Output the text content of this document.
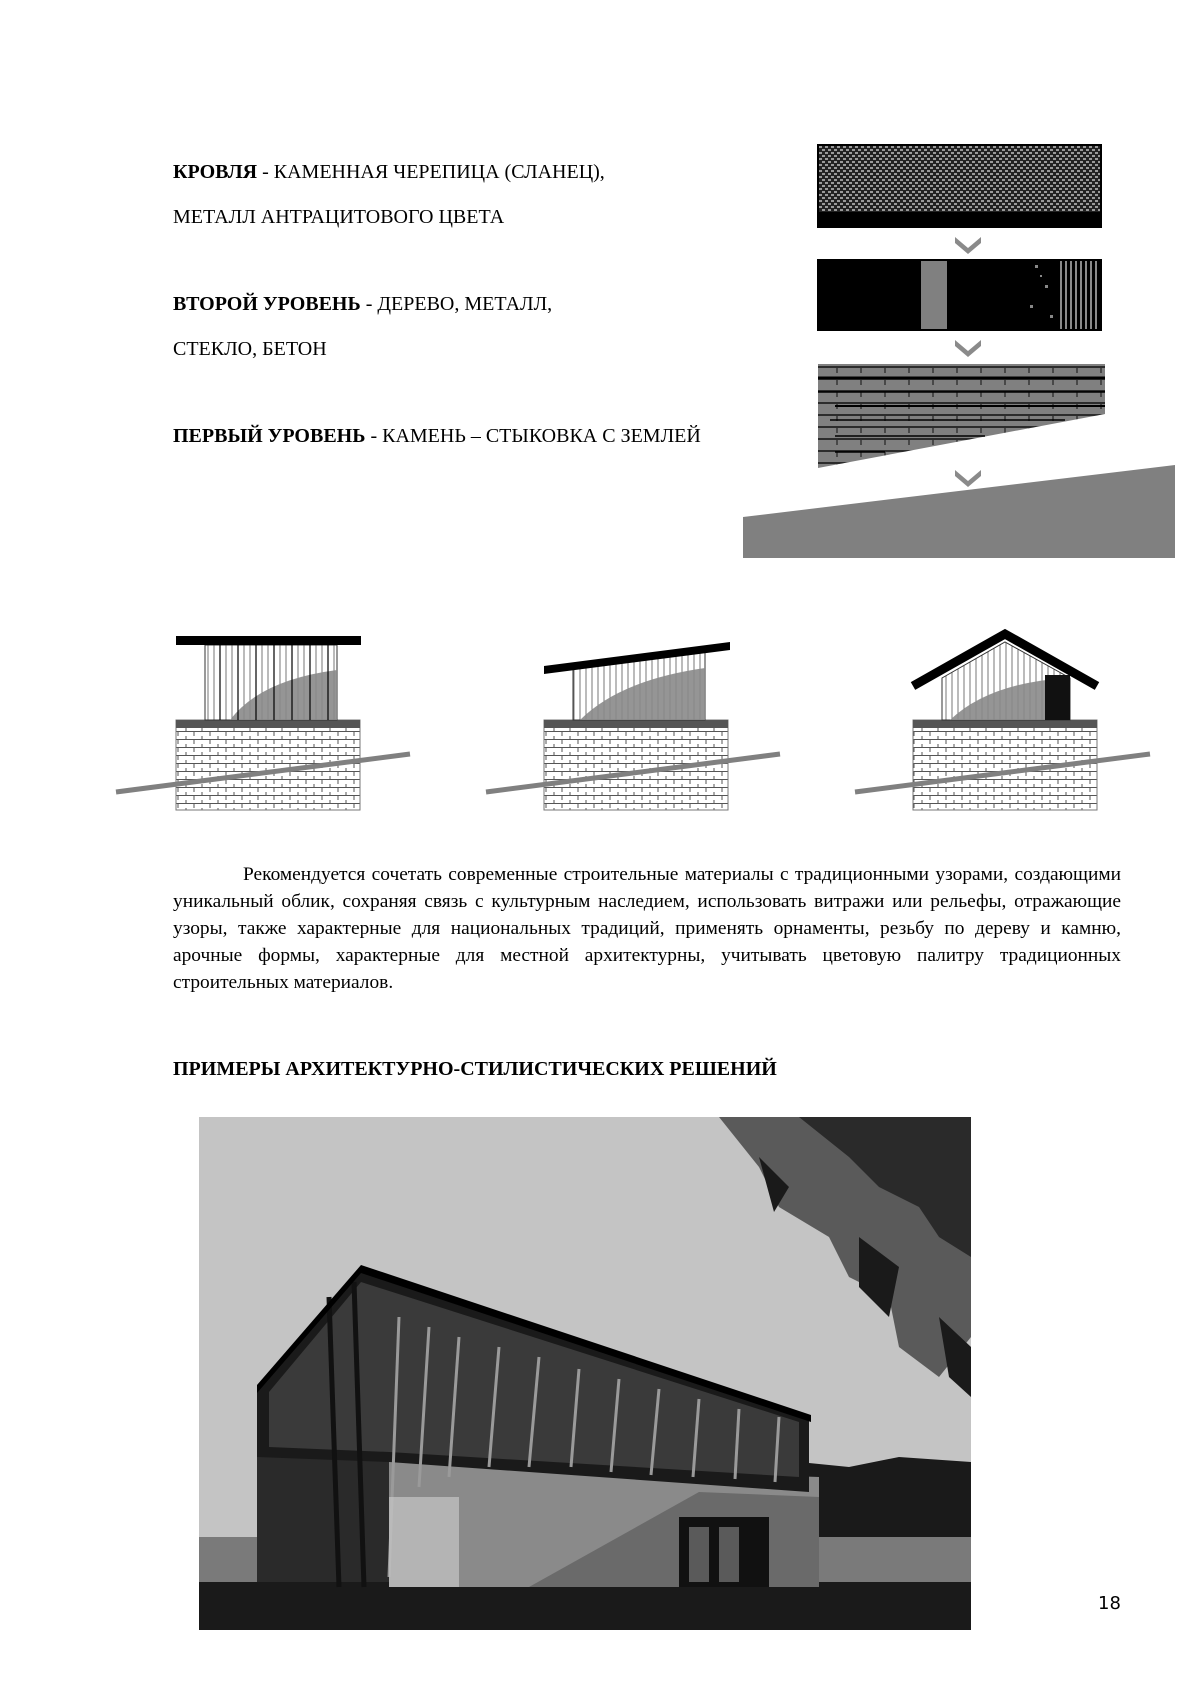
КРОВЛЯ - КАМЕННАЯ ЧЕРЕПИЦА (СЛАНЕЦ),
МЕТАЛЛ АНТРАЦИТОВОГО ЦВЕТА
ВТОРОЙ УРОВЕНЬ - ДЕРЕВО, МЕТАЛЛ,
СТЕКЛО, БЕТОН
ПЕРВЫЙ УРОВЕНЬ - КАМЕНЬ – СТЫКОВКА С ЗЕМЛЕЙ
Рекомендуется сочетать современные строительные материалы с традиционными узорами, создающими уникальный облик, сохраняя связь с культурным наследием, использовать витражи или рельефы, отражающие узоры, также характерные для национальных традиций, применять орнаменты, резьбу по дереву и камню, арочные формы, характерные для местной архитектурны, учитывать цветовую палитру традиционных строительных материалов.
ПРИМЕРЫ АРХИТЕКТУРНО-СТИЛИСТИЧЕСКИХ РЕШЕНИЙ
18
